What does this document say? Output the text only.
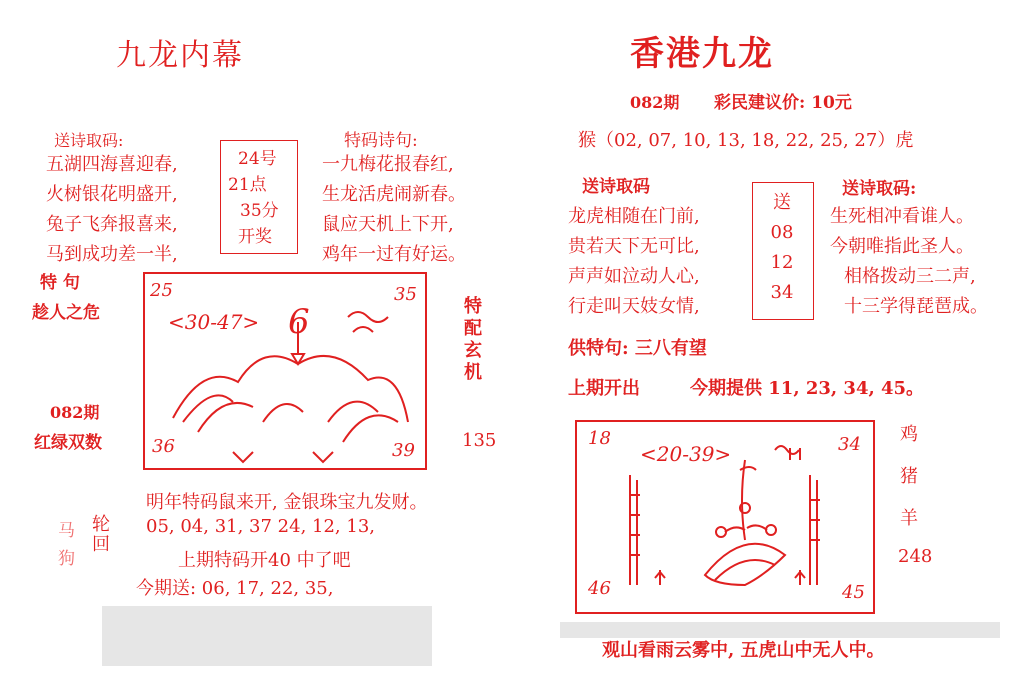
九龙内幕
送诗取码:
五湖四海喜迎春,
火树银花明盛开,
兔子飞奔报喜来,
马到成功差一半,
24号
21点
35分
开奖
特码诗句:
一九梅花报春红,
生龙活虎闹新春。
鼠应天机上下开,
鸡年一过有好运。
特 句
趁人之危
25	35
36	39
<30-47> 6	特配玄机
082期
红绿双数	135
马
狗
轮回
明年特码鼠来开, 金银珠宝九发财。
05, 04, 31, 37 24, 12, 13,
上期特码开40 中了吧
今期送: 06, 17, 22, 35,
香港九龙
082期 彩民建议价: 10元
猴（02, 07, 10, 13, 18, 22, 25, 27）虎
送诗取码
龙虎相随在门前,
贵若天下无可比,
声声如泣动人心,
行走叫天妓女情,
送
08
12
34
送诗取码:
生死相冲看谁人。
今朝唯指此圣人。
相格拨动三二声,
十三学得琵琶成。
供特句: 三八有望
上期开出	今期提供 11, 23, 34, 45。
18	34
46	45
<20-39>
鸡
猪
羊
248
观山看雨云雾中, 五虎山中无人中。
